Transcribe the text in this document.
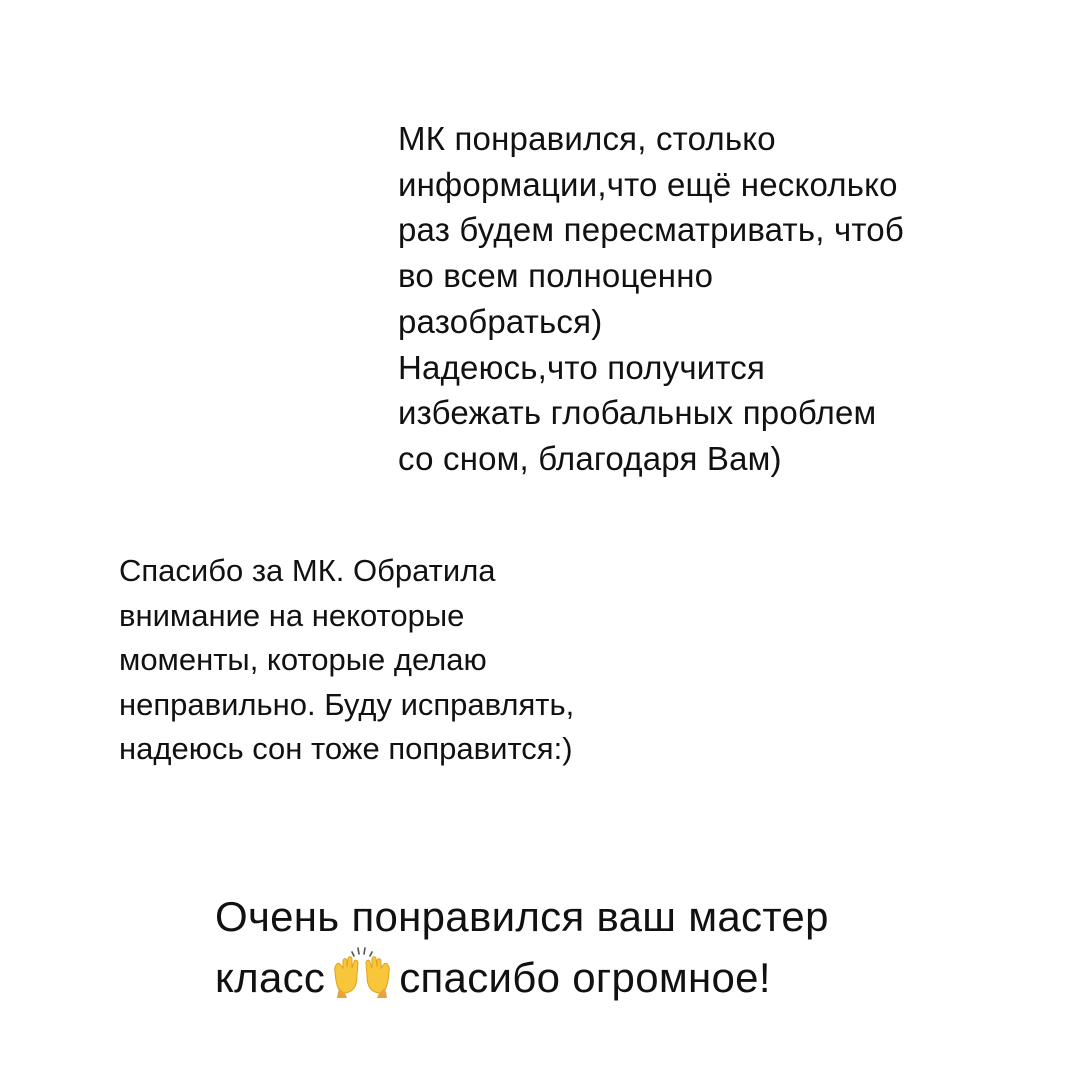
МК понравился, столько
информации,что ещё несколько
раз будем пересматривать, чтоб
во всем полноценно
разобраться)
Надеюсь,что получится
избежать глобальных проблем
со сном, благодаря Вам)
Спасибо за МК. Обратила
внимание на некоторые
моменты, которые делаю
неправильно. Буду исправлять,
надеюсь сон тоже поправится:)
Очень понравился ваш мастер
класс спасибо огромное!
